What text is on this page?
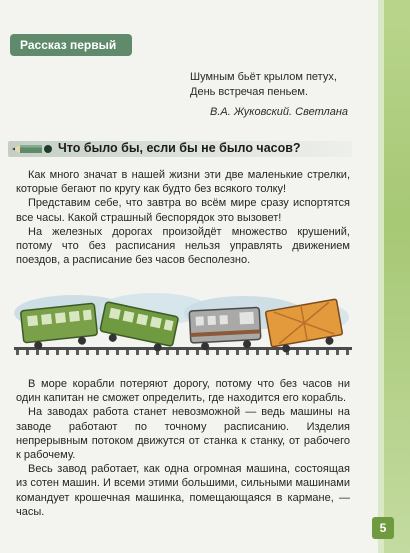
Рассказ первый
Шумным бьёт крылом петух,
День встречая пеньем.
В.А. Жуковский. Светлана
Что было бы, если бы не было часов?

Как много значат в нашей жизни эти две маленькие стрелки, которые бегают по кругу как будто без всякого толку!

Представим себе, что завтра во всём мире сразу испортятся все часы. Какой страшный беспорядок это вызовет!

На железных дорогах произойдёт множество крушений, потому что без расписания нельзя управлять движением поездов, а расписание без часов бесполезно.

В море корабли потеряют дорогу, потому что без часов ни один капитан не сможет определить, где находится его корабль.

На заводах работа станет невозможной — ведь машины на заводе работают по точному расписанию. Изделия непрерывным потоком движутся от станка к станку, от рабочего к рабочему.

Весь завод работает, как одна огромная машина, состоящая из сотен машин. И всеми этими большими, сильными машинами командует крошечная машинка, помещающаяся в кармане, — часы.

5
